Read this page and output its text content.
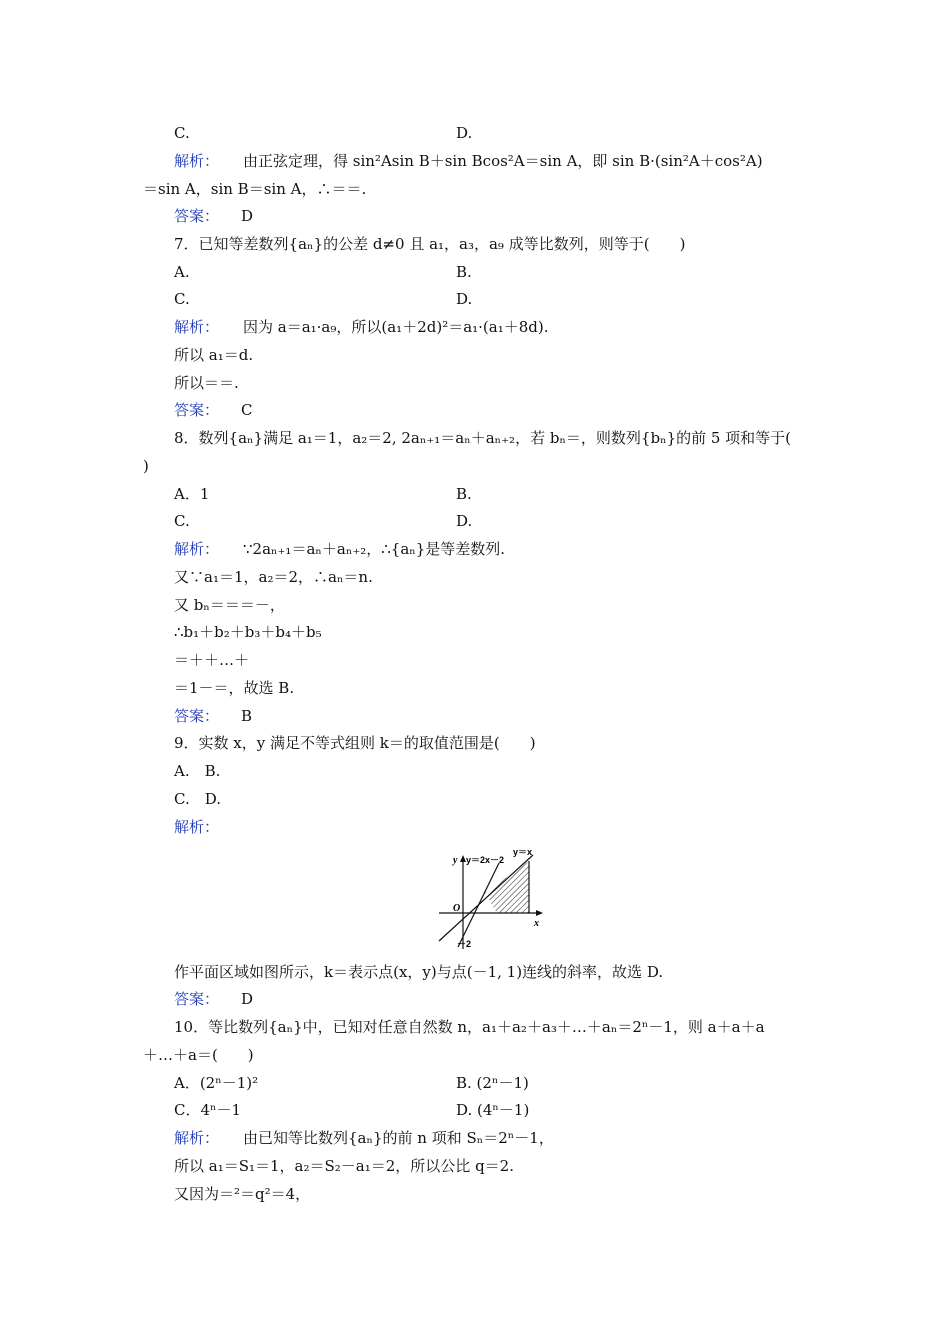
C.	D.
解析： 由正弦定理，得 sin²Asin B＋sin Bcos²A＝sin A，即 sin B·(sin²A＋cos²A)
＝sin A，sin B＝sin A，∴＝＝.
答案： D
7．已知等差数列{aₙ}的公差 d≠0 且 a₁，a₃，a₉ 成等比数列，则等于(　　)
A.	B.
C.	D.
解析： 因为 a＝a₁·a₉，所以(a₁＋2d)²＝a₁·(a₁＋8d).
所以 a₁＝d.
所以＝＝.
答案： C
8．数列{aₙ}满足 a₁＝1，a₂＝2, 2aₙ₊₁＝aₙ＋aₙ₊₂，若 bₙ＝，则数列{bₙ}的前 5 项和等于(
)
A．1	B.
C.	D.
解析： ∵2aₙ₊₁＝aₙ＋aₙ₊₂，∴{aₙ}是等差数列.
又∵a₁＝1，a₂＝2，∴aₙ＝n.
又 bₙ＝＝＝－，
∴b₁＋b₂＋b₃＋b₄＋b₅
＝＋＋…＋
＝1－＝，故选 B.
答案： B
9．实数 x，y 满足不等式组则 k＝的取值范围是(　　)
A.　B.
C.　D.
解析：
y
x
O
y＝2x－2
y＝x
－2
作平面区域如图所示，k＝表示点(x，y)与点(－1, 1)连线的斜率，故选 D.
答案： D
10．等比数列{aₙ}中，已知对任意自然数 n，a₁＋a₂＋a₃＋…＋aₙ＝2ⁿ－1，则 a＋a＋a
＋…＋a＝(　　)
A．(2ⁿ－1)²	B. (2ⁿ－1)
C．4ⁿ－1	D. (4ⁿ－1)
解析： 由已知等比数列{aₙ}的前 n 项和 Sₙ＝2ⁿ－1，
所以 a₁＝S₁＝1，a₂＝S₂－a₁＝2，所以公比 q＝2.
又因为＝²＝q²＝4，
